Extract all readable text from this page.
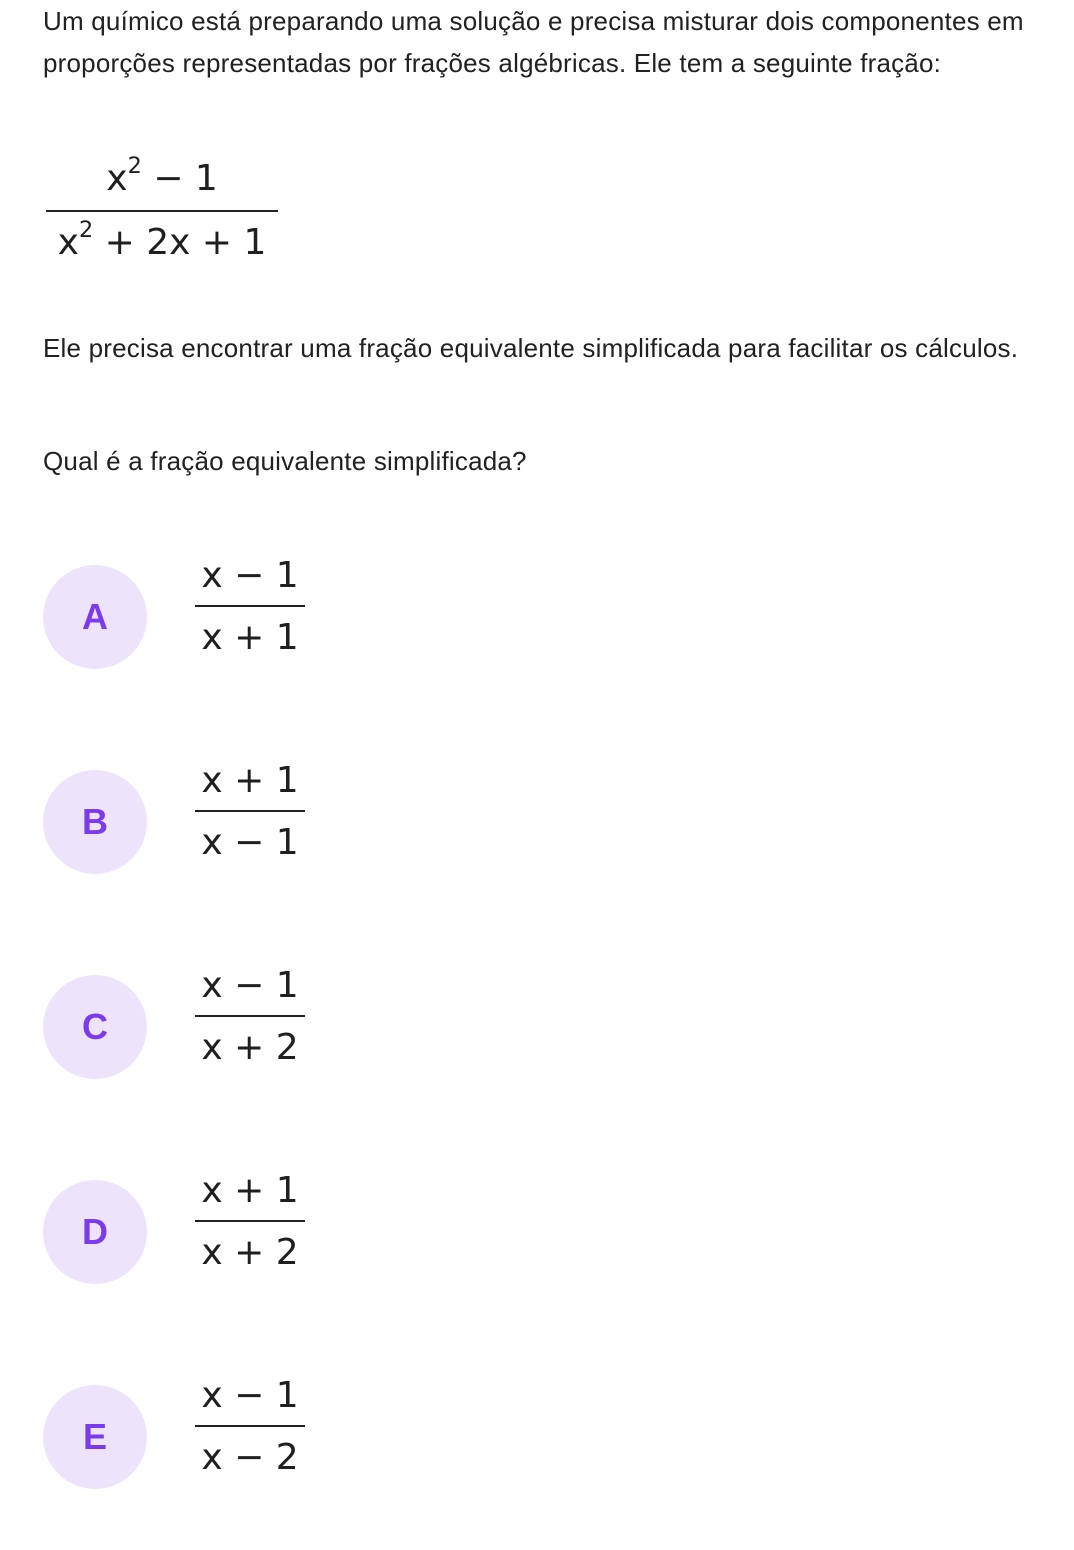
Um químico está preparando uma solução e precisa misturar dois componentes em proporções representadas por frações algébricas. Ele tem a seguinte fração:

Ele precisa encontrar uma fração equivalente simplificada para facilitar os cálculos.

Qual é a fração equivalente simplificada?

$x^2 - 1$
$x^2 + 2x + 1$
A
x − 1
x + 1
B
x + 1
x − 1
C
x − 1
x + 2
D
x + 1
x + 2
E
x − 1
x − 2
